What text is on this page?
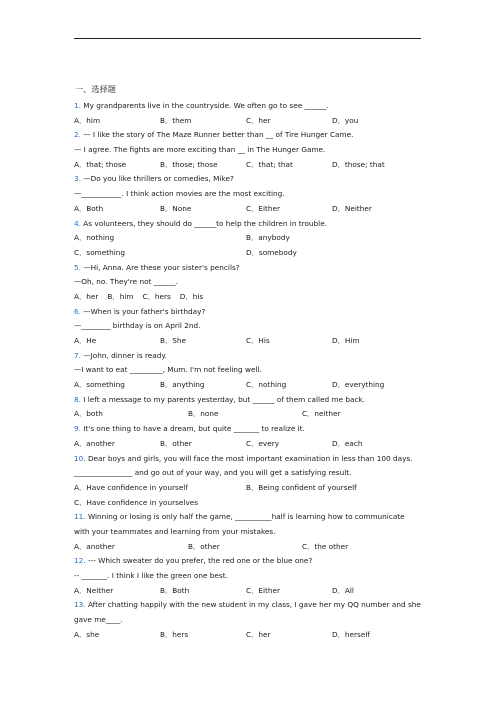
一、选择题
1. My grandparents live in the countryside. We often go to see ______.
A．him	B．them	C．her	D．you
2. — I like the story of The Maze Runner better than __ of Tire Hunger Came.
— I agree. The fights are more exciting than __ in The Hunger Game.
A．that; those	B．those; those	C．that; that	D．those; that
3. —Do you like thrillers or comedies, Mike?
—___________. I think action movies are the most exciting.
A．Both	B．None	C．Either	D．Neither
4. As volunteers, they should do ______to help the children in trouble.
A．nothing	B．anybody
C．something	D．somebody
5. —Hi, Anna. Are these your sister's pencils?
—Oh, no. They're not ______.
A．her B．him C．hers D．his
6. —When is your father's birthday?
—________ birthday is on April 2nd.
A．He	B．She	C．His	D．Him
7. —John, dinner is ready.
—I want to eat _________, Mum. I'm not feeling well.
A．something	B．anything	C．nothing	D．everything
8. I left a message to my parents yesterday, but ______ of them called me back.
A．both	B．none	C．neither
9. It's one thing to have a dream, but quite _______ to realize it.
A．another	B．other	C．every	D．each
10. Dear boys and girls, you will face the most important examination in less than 100 days.
________________ and go out of your way, and you will get a satisfying result.
A．Have confidence in yourself	B．Being confident of yourself
C．Have confidence in yourselves
11. Winning or losing is only half the game, __________half is learning how to communicate
with your teammates and learning from your mistakes.
A．another	B．other	C．the other
12. --- Which sweater do you prefer, the red one or the blue one?
-- _______. I think I like the green one best.
A．Neither	B．Both	C．Either	D．All
13. After chatting happily with the new student in my class, I gave her my QQ number and she
gave me____.
A．she	B．hers	C．her	D．herself
